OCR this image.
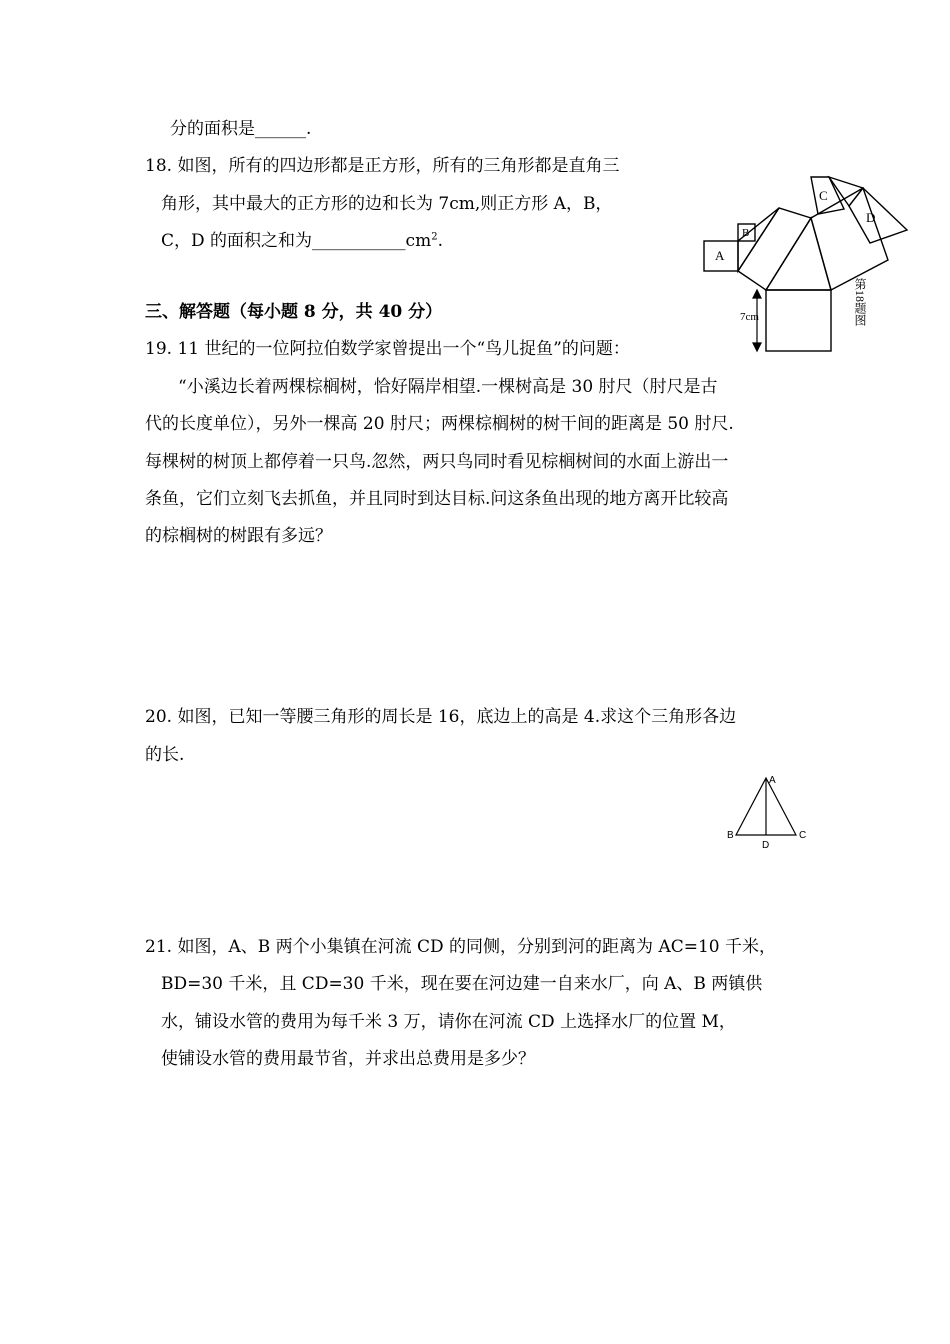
分的面积是______.
18. 如图，所有的四边形都是正方形，所有的三角形都是直角三
角形，其中最大的正方形的边和长为 7cm,则正方形 A，B，
C，D 的面积之和为$\_\_\_\_\_\_\_\_\_\_\_cm^2$.
A
B
C
D
7cm	第18题图
三、解答题（每小题 8 分，共 40 分）
19. 11 世纪的一位阿拉伯数学家曾提出一个“鸟儿捉鱼”的问题：
“小溪边长着两棵棕榈树，恰好隔岸相望.一棵树高是 30 肘尺（肘尺是古
代的长度单位），另外一棵高 20 肘尺；两棵棕榈树的树干间的距离是 50 肘尺.
每棵树的树顶上都停着一只鸟.忽然，两只鸟同时看见棕榈树间的水面上游出一
条鱼，它们立刻飞去抓鱼，并且同时到达目标.问这条鱼出现的地方离开比较高
的棕榈树的树跟有多远？
20. 如图，已知一等腰三角形的周长是 16，底边上的高是 4.求这个三角形各边
的长.
A
B	C
D
21. 如图，A、B 两个小集镇在河流 CD 的同侧，分别到河的距离为 AC=10 千米，
BD=30 千米，且 CD=30 千米，现在要在河边建一自来水厂，向 A、B 两镇供
水，铺设水管的费用为每千米 3 万，请你在河流 CD 上选择水厂的位置 M，
使铺设水管的费用最节省，并求出总费用是多少？
